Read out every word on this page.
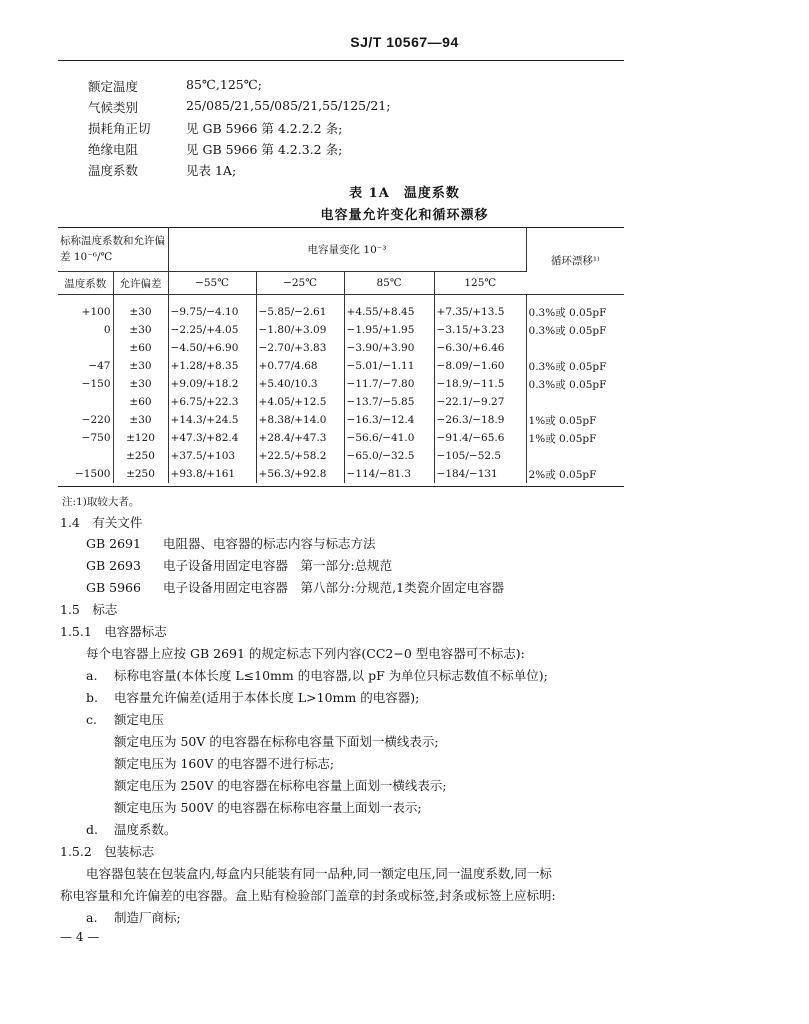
SJ/T 10567—94
额定温度	85℃,125℃;
气候类别	25/085/21,55/085/21,55/125/21;
损耗角正切	见 GB 5966 第 4.2.2.2 条;
绝缘电阻	见 GB 5966 第 4.2.3.2 条;
温度系数	见表 1A;
表 1A　温度系数
电容量允许变化和循环漂移
标称温度系数和允许偏差 10⁻⁶/℃		电容量变化 10⁻³				循环漂移¹⁾
温度系数	允许偏差	−55℃	−25℃	85℃	125℃	
+100	±30	−9.75/−4.10	−5.85/−2.61	+4.55/+8.45	+7.35/+13.5	0.3%或 0.05pF
0	±30	−2.25/+4.05	−1.80/+3.09	−1.95/+1.95	−3.15/+3.23	0.3%或 0.05pF
	±60	−4.50/+6.90	−2.70/+3.83	−3.90/+3.90	−6.30/+6.46	
−47	±30	+1.28/+8.35	+0.77/4.68	−5.01/−1.11	−8.09/−1.60	0.3%或 0.05pF
−150	±30	+9.09/+18.2	+5.40/10.3	−11.7/−7.80	−18.9/−11.5	0.3%或 0.05pF
	±60	+6.75/+22.3	+4.05/+12.5	−13.7/−5.85	−22.1/−9.27	
−220	±30	+14.3/+24.5	+8.38/+14.0	−16.3/−12.4	−26.3/−18.9	1%或 0.05pF
−750	±120	+47.3/+82.4	+28.4/+47.3	−56.6/−41.0	−91.4/−65.6	1%或 0.05pF
	±250	+37.5/+103	+22.5/+58.2	−65.0/−32.5	−105/−52.5	
−1500	±250	+93.8/+161	+56.3/+92.8	−114/−81.3	−184/−131	2%或 0.05pF
注:1)取较大者。
1.4　有关文件
GB 2691 电阻器、电容器的标志内容与标志方法
GB 2693 电子设备用固定电容器　第一部分:总规范
GB 5966 电子设备用固定电容器　第八部分:分规范,1类瓷介固定电容器
1.5　标志
1.5.1　电容器标志
每个电容器上应按 GB 2691 的规定标志下列内容(CC2−0 型电容器可不标志):
a. 标称电容量(本体长度 L≤10mm 的电容器,以 pF 为单位只标志数值不标单位);
b. 电容量允许偏差(适用于本体长度 L>10mm 的电容器);
c. 额定电压
额定电压为 50V 的电容器在标称电容量下面划一横线表示;
额定电压为 160V 的电容器不进行标志;
额定电压为 250V 的电容器在标称电容量上面划一横线表示;
额定电压为 500V 的电容器在标称电容量上面划一表示;
d. 温度系数。
1.5.2　包装标志
电容器包装在包装盒内,每盒内只能装有同一品种,同一额定电压,同一温度系数,同一标
称电容量和允许偏差的电容器。盒上贴有检验部门盖章的封条或标签,封条或标签上应标明:
a. 制造厂商标;
— 4 —
